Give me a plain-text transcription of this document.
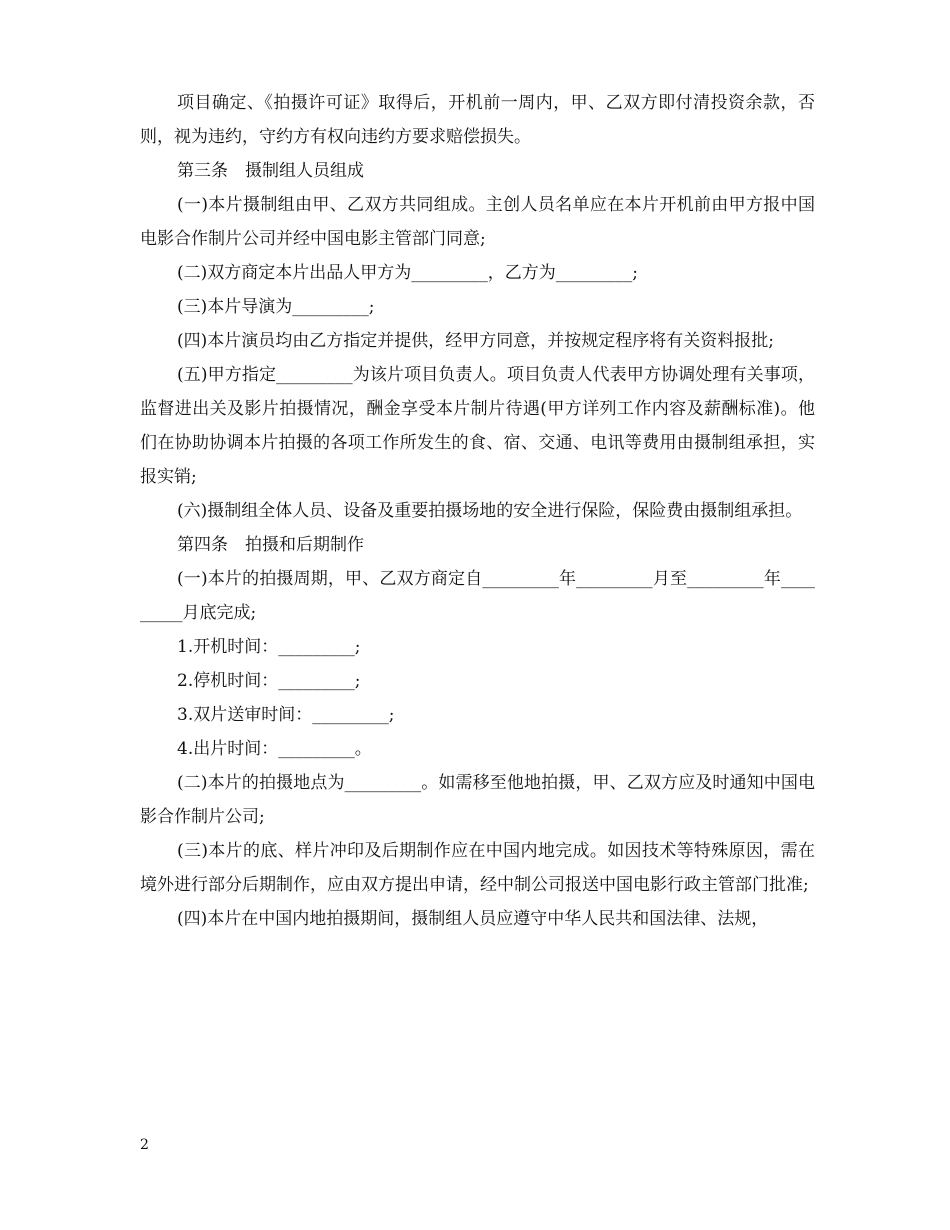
项目确定、《拍摄许可证》取得后，开机前一周内，甲、乙双方即付清投资余款，否则，视为违约，守约方有权向违约方要求赔偿损失。

第三条　摄制组人员组成

(一)本片摄制组由甲、乙双方共同组成。主创人员名单应在本片开机前由甲方报中国电影合作制片公司并经中国电影主管部门同意;

(二)双方商定本片出品人甲方为_________，乙方为_________;

(三)本片导演为_________;

(四)本片演员均由乙方指定并提供，经甲方同意，并按规定程序将有关资料报批;

(五)甲方指定_________为该片项目负责人。项目负责人代表甲方协调处理有关事项，监督进出关及影片拍摄情况，酬金享受本片制片待遇(甲方详列工作内容及薪酬标准)。他们在协助协调本片拍摄的各项工作所发生的食、宿、交通、电讯等费用由摄制组承担，实报实销;

(六)摄制组全体人员、设备及重要拍摄场地的安全进行保险，保险费由摄制组承担。

第四条　拍摄和后期制作

(一)本片的拍摄周期，甲、乙双方商定自_________年_________月至_________年_________月底完成;

1.开机时间：_________;

2.停机时间：_________;

3.双片送审时间：_________;

4.出片时间：_________。

(二)本片的拍摄地点为_________。如需移至他地拍摄，甲、乙双方应及时通知中国电影合作制片公司;

(三)本片的底、样片冲印及后期制作应在中国内地完成。如因技术等特殊原因，需在境外进行部分后期制作，应由双方提出申请，经中制公司报送中国电影行政主管部门批准;

(四)本片在中国内地拍摄期间，摄制组人员应遵守中华人民共和国法律、法规，

2
